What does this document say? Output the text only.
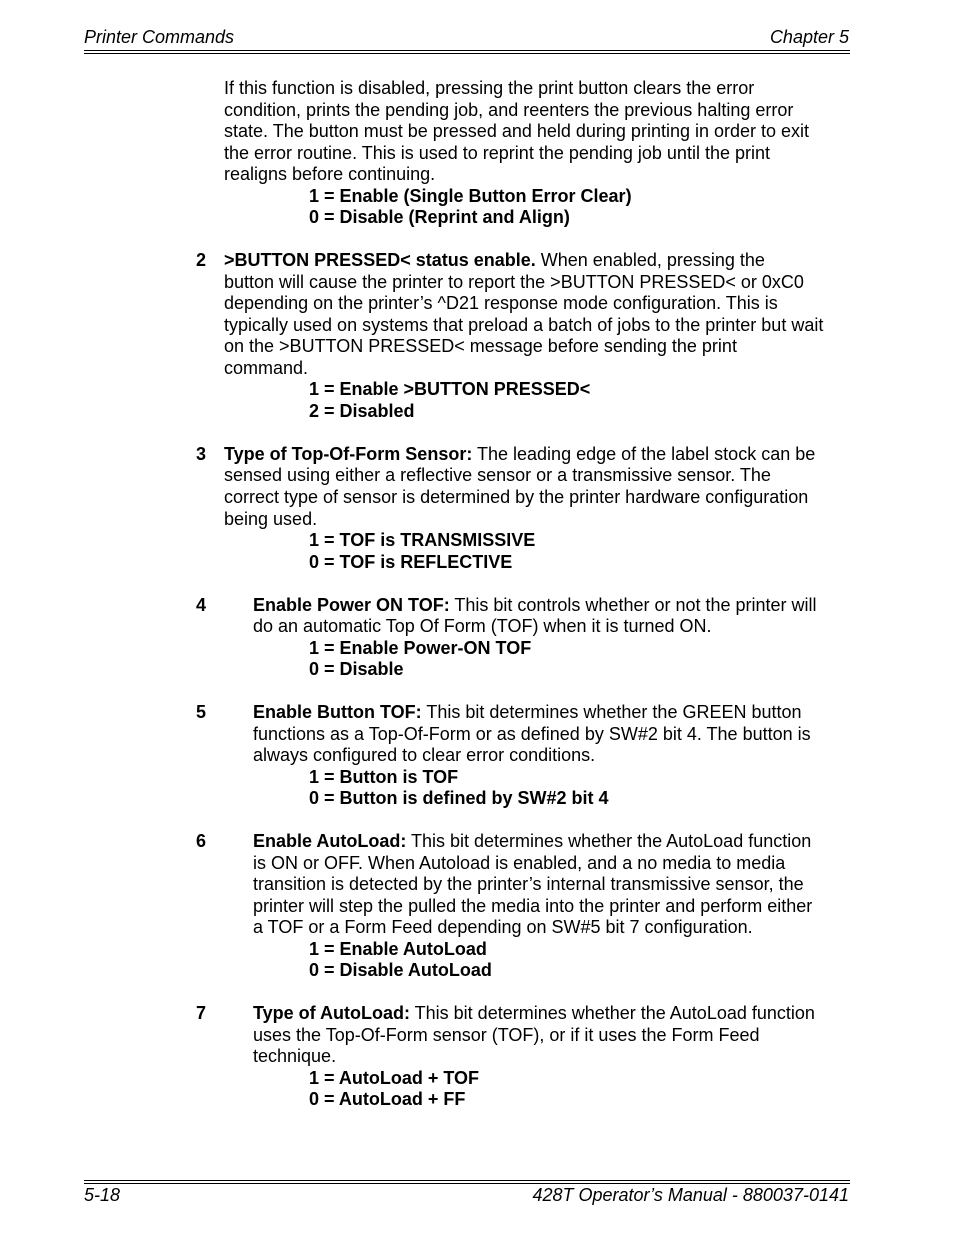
Printer Commands	Chapter 5

If this function is disabled, pressing the print button clears the error

condition, prints the pending job, and reenters the previous halting error

state. The button must be pressed and held during printing in order to exit

the error routine. This is used to reprint the pending job until the print

realigns before continuing.

1 = Enable (Single Button Error Clear)

0 = Disable (Reprint and Align)

2 >BUTTON PRESSED< status enable. When enabled, pressing the

button will cause the printer to report the >BUTTON PRESSED< or 0xC0

depending on the printer’s ^D21 response mode configuration. This is

typically used on systems that preload a batch of jobs to the printer but wait

on the >BUTTON PRESSED< message before sending the print

command.

1 = Enable >BUTTON PRESSED<

2 = Disabled

3 Type of Top-Of-Form Sensor: The leading edge of the label stock can be

sensed using either a reflective sensor or a transmissive sensor. The

correct type of sensor is determined by the printer hardware configuration

being used.

1 = TOF is TRANSMISSIVE

0 = TOF is REFLECTIVE

4	Enable Power ON TOF: This bit controls whether or not the printer will

do an automatic Top Of Form (TOF) when it is turned ON.

1 = Enable Power-ON TOF

0 = Disable

5	Enable Button TOF: This bit determines whether the GREEN button

functions as a Top-Of-Form or as defined by SW#2 bit 4. The button is

always configured to clear error conditions.

1 = Button is TOF

0 = Button is defined by SW#2 bit 4

6	Enable AutoLoad: This bit determines whether the AutoLoad function

is ON or OFF. When Autoload is enabled, and a no media to media

transition is detected by the printer’s internal transmissive sensor, the

printer will step the pulled the media into the printer and perform either

a TOF or a Form Feed depending on SW#5 bit 7 configuration.

1 = Enable AutoLoad

0 = Disable AutoLoad

7	Type of AutoLoad: This bit determines whether the AutoLoad function

uses the Top-Of-Form sensor (TOF), or if it uses the Form Feed

technique.

1 = AutoLoad + TOF

0 = AutoLoad + FF

5-18	428T Operator’s Manual - 880037-0141
